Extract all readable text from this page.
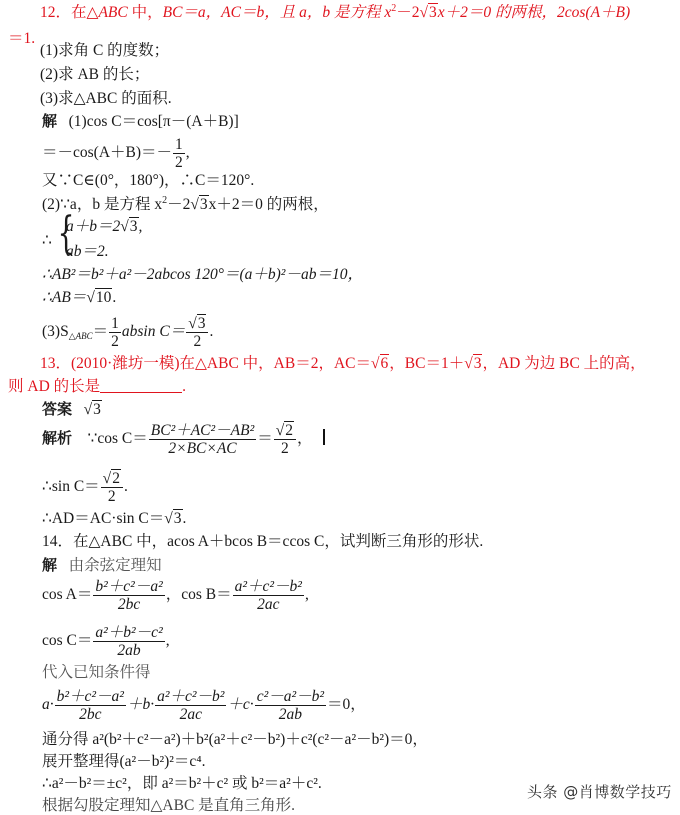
12．在△ABC 中，BC＝a，AC＝b，且 a，b 是方程 $x^2-2√3x+2=0$ 的两根，2cos(A＋B)
＝1.
(1)求角 C 的度数；
(2)求 AB 的长；
(3)求△ABC 的面积.
解 (1)cos C＝cos[π－(A＋B)]
$=-\cos(A+B)=- \frac{1}{2}$ ,
又∵C∈(0°，180°)，∴C＝120°.
(2)∵a，b 是方程 $x^2-2√3x+2=0$ 的两根，
∴ {
a＋b＝2√3,
ab＝2.
∴AB²＝b²＋a²－2abcos 120°＝(a＋b)²－ab＝10，
∴AB＝√10.
$(3)S_{\triangle ABC}= \frac{1}{2}$ absin $C= \frac{√3}{2}$ .
13．(2010·潍坊一模)在△ABC 中，AB＝2，AC＝√6，BC＝1＋√3，AD 为边 BC 上的高，
则 AD 的长是	.
答案 √3
解析 ∵cos $C= \frac{\text{BC²＋AC²－AB²}}{2\times BC\times AC} = \frac{√2}{2}$ ，
∴sin $C= \frac{√2}{2}$ .
∴AD＝AC·sin C＝√3.
14．在△ABC 中，acos A＋bcos B＝ccos C，试判断三角形的形状.
解 由余弦定理知
$\cos A= \frac{\text{b²＋c²－a²}}{2bc}$ ，$\cos B= \frac{\text{a²＋c²－b²}}{2ac}$ ,
$\cos C= \frac{\text{a²＋b²－c²}}{2ab}$ ,
代入已知条件得
$a\cdot \frac{\text{b²＋c²－a²}}{2bc} +b\cdot \frac{\text{a²＋c²－b²}}{2ac} +c\cdot \frac{\text{c²－a²－b²}}{2ab} =0$，
通分得 a²(b²＋c²－a²)＋b²(a²＋c²－b²)＋c²(c²－a²－b²)＝0，
展开整理得(a²－b²)²＝c⁴.
∴a²－b²＝±c²，即 a²＝b²＋c² 或 b²＝a²＋c².
根据勾股定理知△ABC 是直角三角形.
头条 @肖博数学技巧
